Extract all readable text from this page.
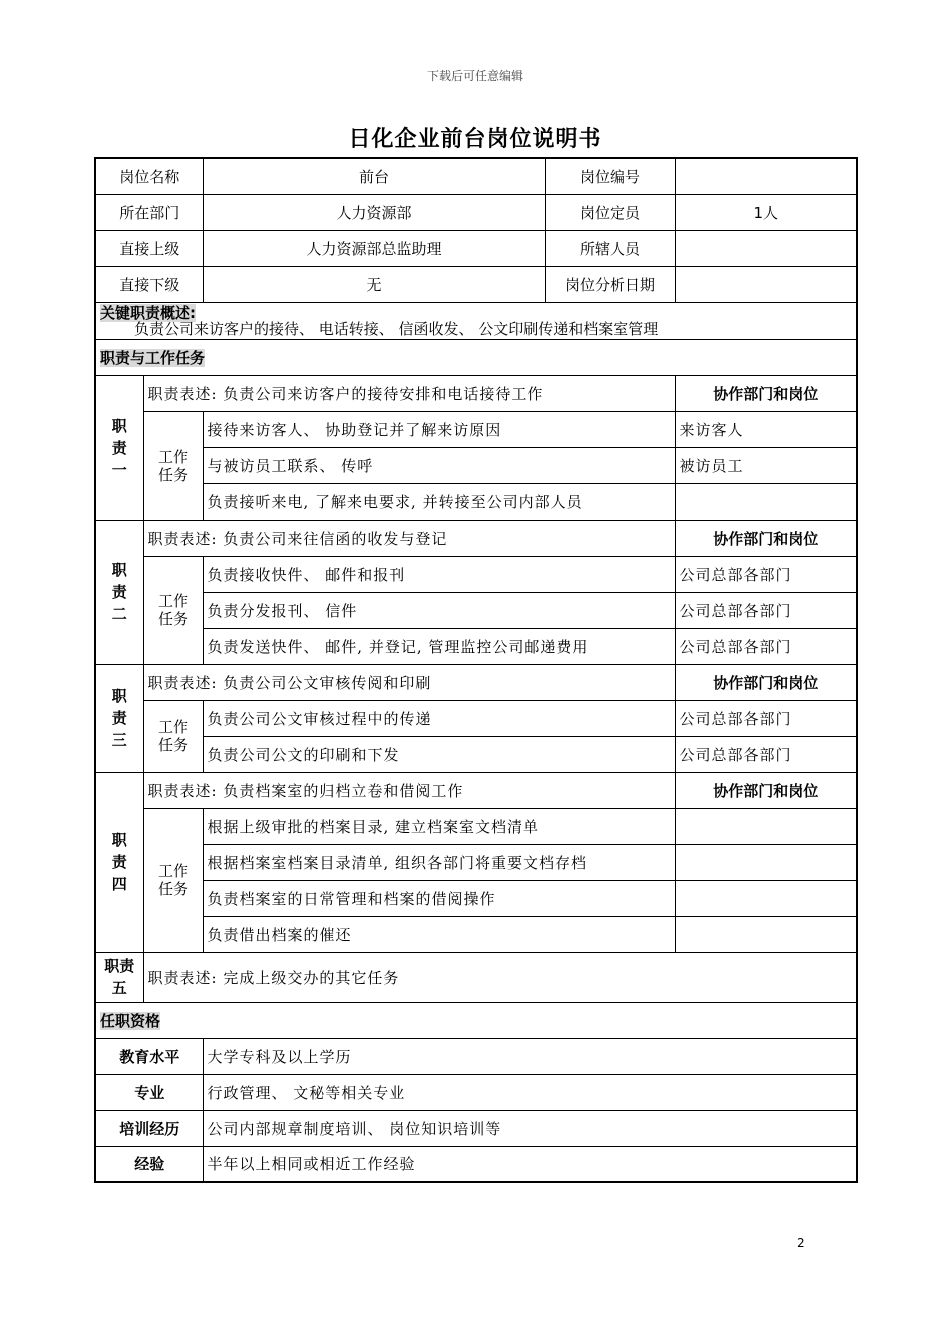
下载后可任意编辑
日化企业前台岗位说明书
岗位名称		前台	岗位编号	
所在部门		人力资源部	岗位定员	1人
直接上级		人力资源部总监助理	所辖人员	
直接下级		无	岗位分析日期	

关键职责概述:
负责公司来访客户的接待、 电话转接、 信函收发、 公文印刷传递和档案室管理				

职责与工作任务				

职
责
一	职责表述: 负责公司来访客户的接待安排和电话接待工作			协作部门和岗位

	工作
任务	接待来访客人、 协助登记并了解来访原因		来访客人
		与被访员工联系、 传呼		被访员工
		负责接听来电, 了解来电要求, 并转接至公司内部人员		

职
责
二	职责表述: 负责公司来往信函的收发与登记			协作部门和岗位

	工作
任务	负责接收快件、 邮件和报刊		公司总部各部门
		负责分发报刊、 信件		公司总部各部门
		负责发送快件、 邮件, 并登记, 管理监控公司邮递费用		公司总部各部门

职
责
三	职责表述: 负责公司公文审核传阅和印刷			协作部门和岗位

	工作
任务	负责公司公文审核过程中的传递		公司总部各部门
		负责公司公文的印刷和下发		公司总部各部门

职
责
四	职责表述: 负责档案室的归档立卷和借阅工作			协作部门和岗位

	工作
任务	根据上级审批的档案目录, 建立档案室文档清单		
		根据档案室档案目录清单, 组织各部门将重要文档存档		
		负责档案室的日常管理和档案的借阅操作		
		负责借出档案的催还		

职责
五	职责表述: 完成上级交办的其它任务			
任职资格				
教育水平		大学专科及以上学历		
专业		行政管理、 文秘等相关专业		
培训经历		公司内部规章制度培训、 岗位知识培训等		
经验		半年以上相同或相近工作经验		
2
